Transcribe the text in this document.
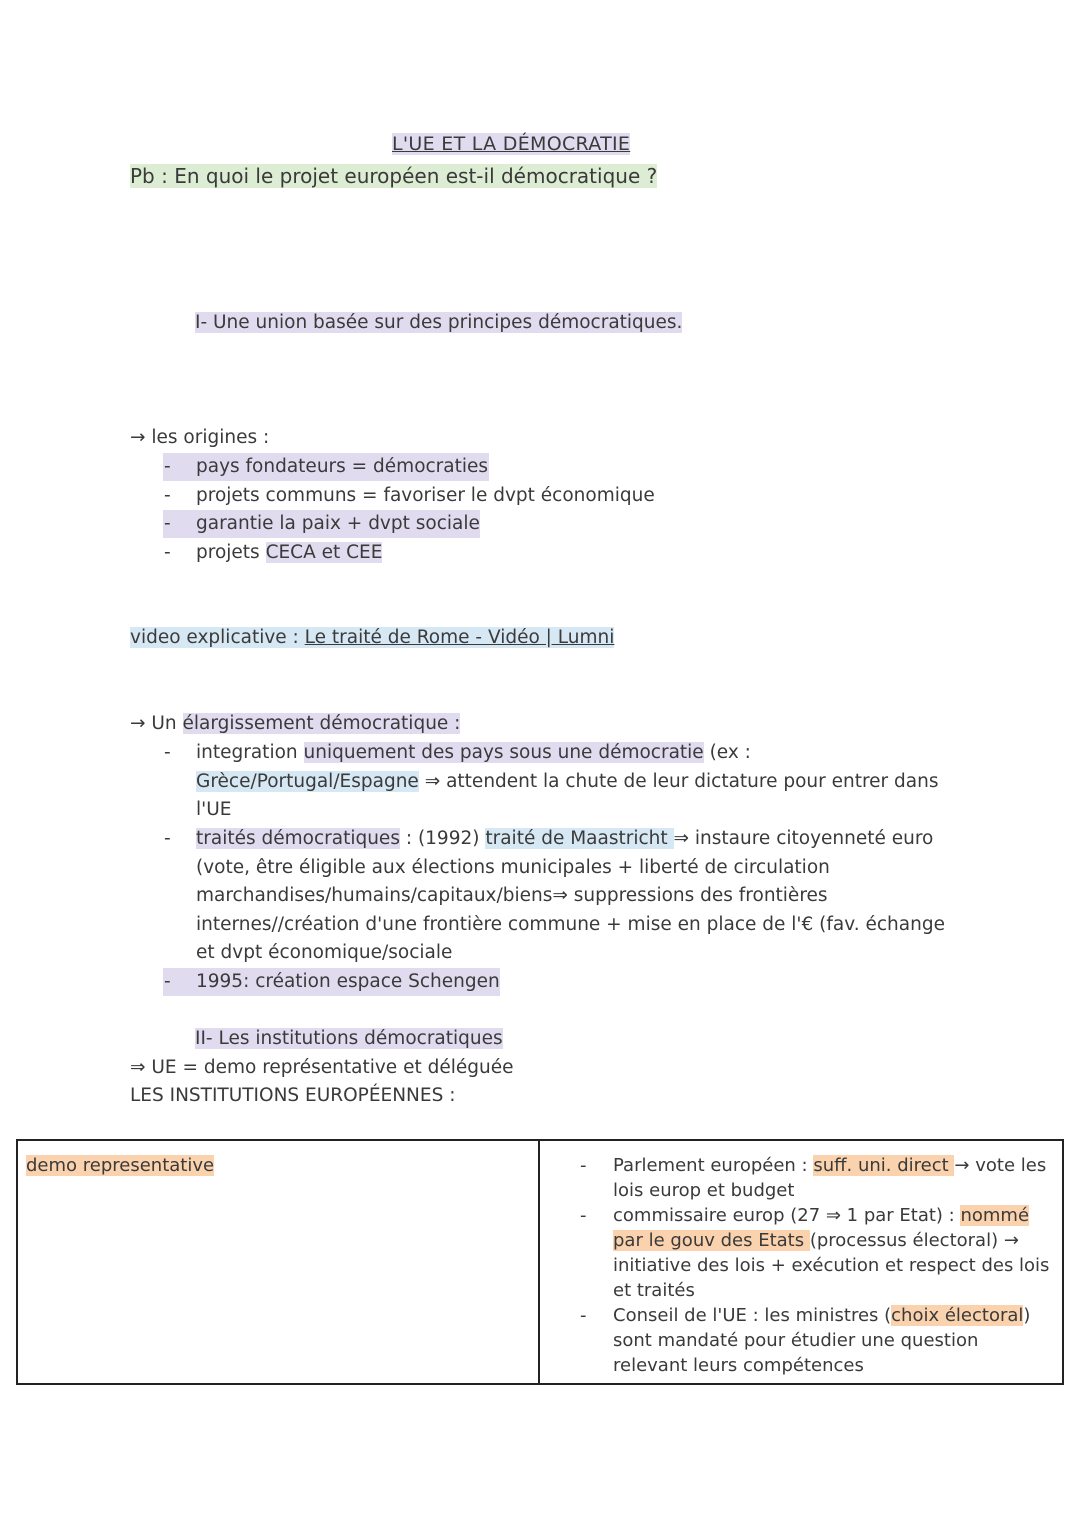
L'UE ET LA DÉMOCRATIE
Pb : En quoi le projet européen est-il démocratique ?
I- Une union basée sur des principes démocratiques.
→ les origines :
- pays fondateurs = démocraties
- projets communs = favoriser le dvpt économique
- garantie la paix + dvpt sociale
- projets CECA et CEE
video explicative : Le traité de Rome - Vidéo | Lumni
→ Un élargissement démocratique :
- integration uniquement des pays sous une démocratie (ex :
Grèce/Portugal/Espagne ⇒ attendent la chute de leur dictature pour entrer dans
l'UE
- traités démocratiques : (1992) traité de Maastricht ⇒ instaure citoyenneté euro
(vote, être éligible aux élections municipales + liberté de circulation
marchandises/humains/capitaux/biens⇒ suppressions des frontières
internes//création d'une frontière commune + mise en place de l'€ (fav. échange
et dvpt économique/sociale
- 1995: création espace Schengen
II- Les institutions démocratiques
⇒ UE = demo représentative et déléguée
LES INSTITUTIONS EUROPÉENNES :
demo representative	- Parlement européen : suff. uni. direct → vote les
lois europ et budget
- commissaire europ (27 ⇒ 1 par Etat) : nommé
par le gouv des Etats (processus électoral) →
initiative des lois + exécution et respect des lois
et traités
- Conseil de l'UE : les ministres (choix électoral)
sont mandaté pour étudier une question
relevant leurs compétences
